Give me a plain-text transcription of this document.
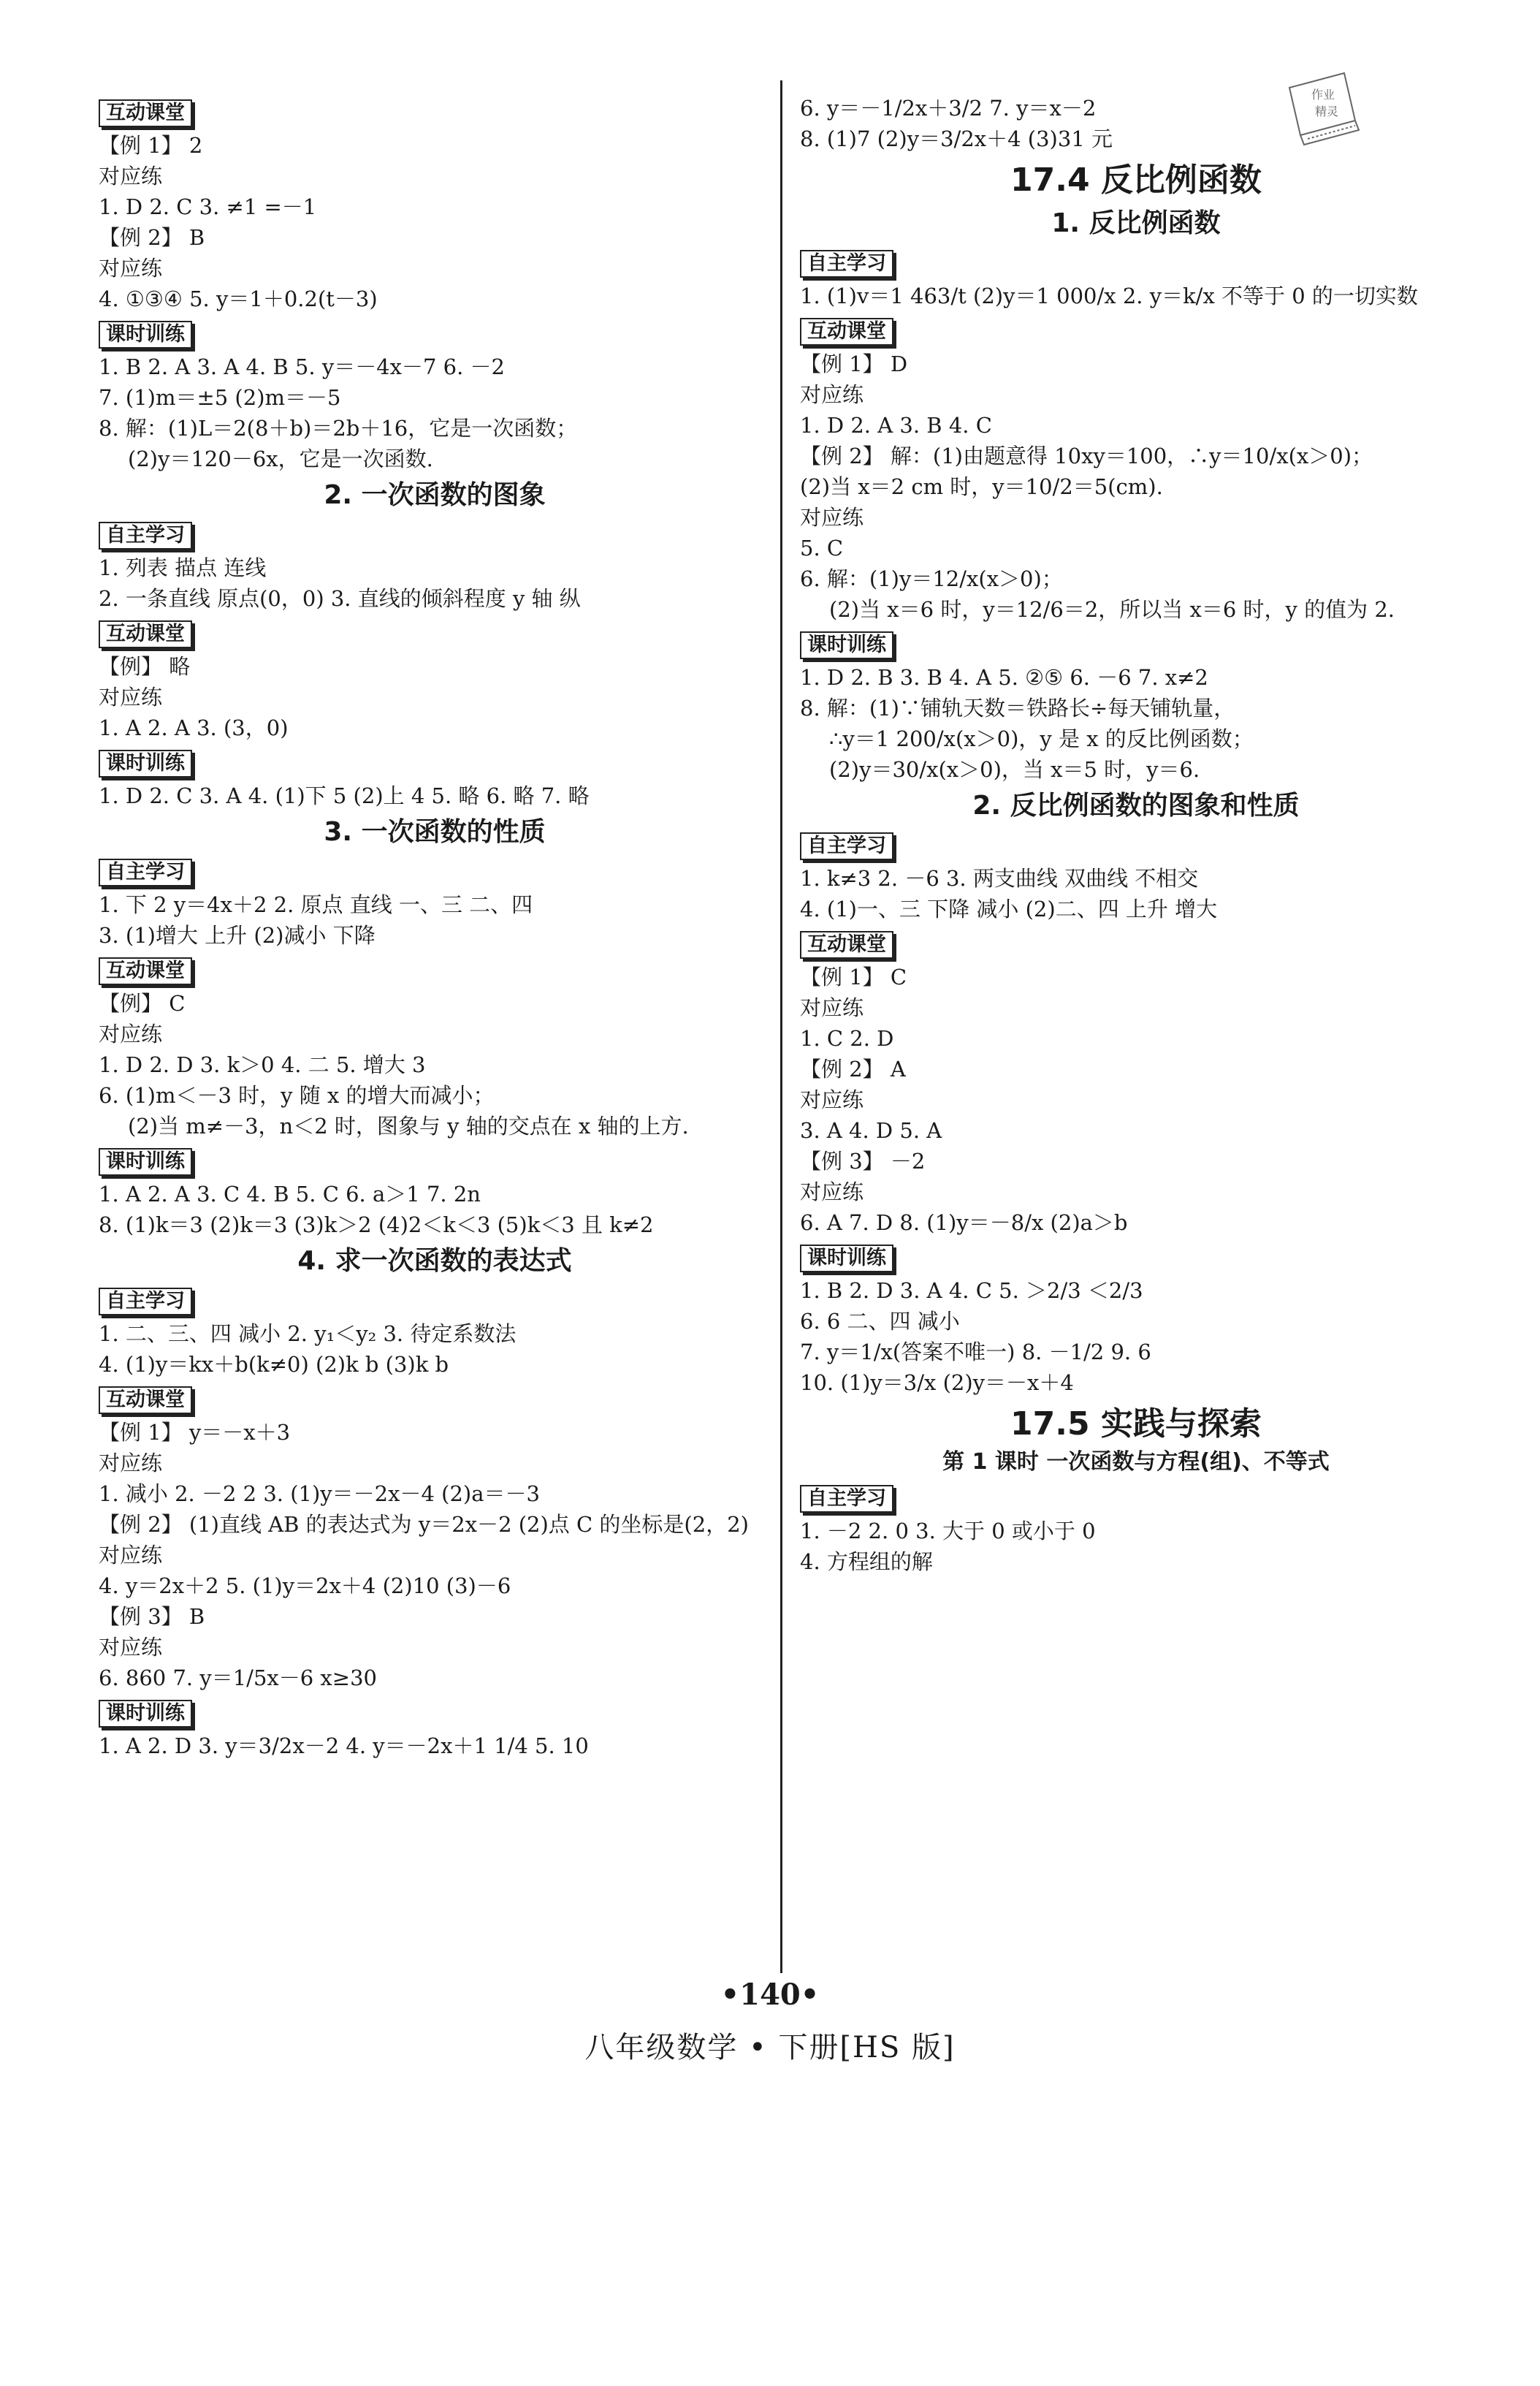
互动课堂
【例 1】 2
对应练
1. D 2. C 3. ≠1 =－1
【例 2】 B
对应练
4. ①③④ 5. y＝1＋0.2(t－3)
课时训练
1. B 2. A 3. A 4. B 5. y＝－4x－7 6. －2
7. (1)m＝±5 (2)m＝－5
8. 解：(1)L＝2(8＋b)＝2b＋16，它是一次函数；
(2)y＝120－6x，它是一次函数.
2. 一次函数的图象
自主学习
1. 列表 描点 连线
2. 一条直线 原点(0，0) 3. 直线的倾斜程度 y 轴 纵
互动课堂
【例】 略
对应练
1. A 2. A 3. (3，0)
课时训练
1. D 2. C 3. A 4. (1)下 5 (2)上 4 5. 略 6. 略 7. 略
3. 一次函数的性质
自主学习
1. 下 2 y＝4x＋2 2. 原点 直线 一、三 二、四
3. (1)增大 上升 (2)减小 下降
互动课堂
【例】 C
对应练
1. D 2. D 3. k＞0 4. 二 5. 增大 3
6. (1)m＜－3 时，y 随 x 的增大而减小；
(2)当 m≠－3，n＜2 时，图象与 y 轴的交点在 x 轴的上方.
课时训练
1. A 2. A 3. C 4. B 5. C 6. a＞1 7. 2n
8. (1)k＝3 (2)k＝3 (3)k＞2 (4)2＜k＜3 (5)k＜3 且 k≠2
4. 求一次函数的表达式
自主学习
1. 二、三、四 减小 2. y₁＜y₂ 3. 待定系数法
4. (1)y＝kx＋b(k≠0) (2)k b (3)k b
互动课堂
【例 1】 y＝－x＋3
对应练
1. 减小 2. －2 2 3. (1)y＝－2x－4 (2)a＝－3
【例 2】 (1)直线 AB 的表达式为 y＝2x－2 (2)点 C 的坐标是(2，2)
对应练
4. y＝2x＋2 5. (1)y＝2x＋4 (2)10 (3)－6
【例 3】 B
对应练
6. 860 7. y＝1/5x－6 x≥30
课时训练
1. A 2. D 3. y＝3/2x－2 4. y＝－2x＋1 1/4 5. 10
6. y＝－1/2x＋3/2 7. y＝x－2
8. (1)7 (2)y＝3/2x＋4 (3)31 元
17.4 反比例函数
1. 反比例函数
自主学习
1. (1)v＝1 463/t (2)y＝1 000/x 2. y＝k/x 不等于 0 的一切实数
互动课堂
【例 1】 D
对应练
1. D 2. A 3. B 4. C
【例 2】 解：(1)由题意得 10xy＝100，∴y＝10/x(x＞0)；
(2)当 x＝2 cm 时，y＝10/2＝5(cm).
对应练
5. C
6. 解：(1)y＝12/x(x＞0)；
(2)当 x＝6 时，y＝12/6＝2，所以当 x＝6 时，y 的值为 2.
课时训练
1. D 2. B 3. B 4. A 5. ②⑤ 6. －6 7. x≠2
8. 解：(1)∵铺轨天数＝铁路长÷每天铺轨量，
∴y＝1 200/x(x＞0)，y 是 x 的反比例函数；
(2)y＝30/x(x＞0)，当 x＝5 时，y＝6.
2. 反比例函数的图象和性质
自主学习
1. k≠3 2. －6 3. 两支曲线 双曲线 不相交
4. (1)一、三 下降 减小 (2)二、四 上升 增大
互动课堂
【例 1】 C
对应练
1. C 2. D
【例 2】 A
对应练
3. A 4. D 5. A
【例 3】 －2
对应练
6. A 7. D 8. (1)y＝－8/x (2)a＞b
课时训练
1. B 2. D 3. A 4. C 5. ＞2/3 ＜2/3
6. 6 二、四 减小
7. y＝1/x(答案不唯一) 8. －1/2 9. 6
10. (1)y＝3/x (2)y＝－x＋4
17.5 实践与探索
第 1 课时 一次函数与方程(组)、不等式
自主学习
1. －2 2. 0 3. 大于 0 或小于 0
4. 方程组的解
作业
精灵
•140•
八年级数学 • 下册[HS 版]
